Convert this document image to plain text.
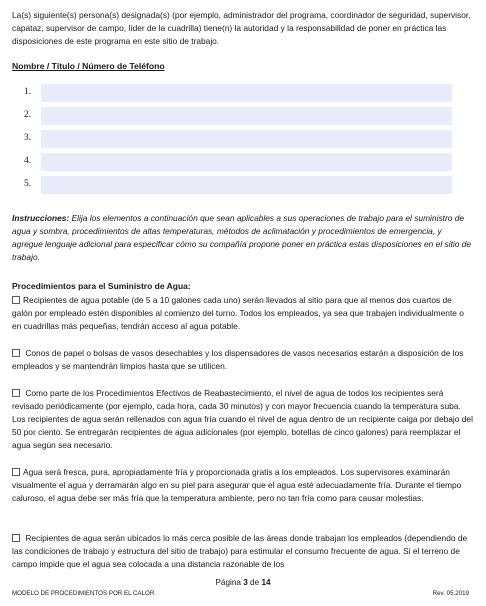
La(s) siguiente(s) persona(s) designada(s) (por ejemplo, administrador del programa, coordinador de seguridad, supervisor, capataz, supervisor de campo, líder de la cuadrilla) tiene(n) la autoridad y la responsabilidad de poner en práctica las disposiciones de este programa en este sitio de trabajo.

Nombre / Título / Número de Teléfono
1.
2.
3.
4.
5.

Instrucciones: Elija los elementos a continuación que sean aplicables a sus operaciones de trabajo para el suministro de agua y sombra, procedimientos de altas temperaturas, métodos de aclimatación y procedimientos de emergencia, y agregue lenguaje adicional para especificar cómo su compañía propone poner en práctica estas disposiciones en el sitio de trabajo.

Procedimientos para el Suministro de Agua:

Recipientes de agua potable (de 5 a 10 galones cada uno) serán llevados al sitio para que al menos dos cuartos de galón por empleado estén disponibles al comienzo del turno. Todos los empleados, ya sea que trabajen individualmente o en cuadrillas más pequeñas, tendrán acceso al agua potable.

Conos de papel o bolsas de vasos desechables y los dispensadores de vasos necesarios estarán a disposición de los empleados y se mantendrán limpios hasta que se utilicen.

Como parte de los Procedimientos Efectivos de Reabastecimiento, el nivel de agua de todos los recipientes será revisado periódicamente (por ejemplo, cada hora, cada 30 minutos) y con mayor frecuencia cuando la temperatura suba. Los recipientes de agua serán rellenados con agua fría cuando el nivel de agua dentro de un recipiente caiga por debajo del 50 por ciento. Se entregarán recipientes de agua adicionales (por ejemplo, botellas de cinco galones) para reemplazar el agua según sea necesario.

Agua será fresca, pura, apropiadamente fría y proporcionada gratis a los empleados. Los supervisores examinarán visualmente el agua y derramarán algo en su piel para asegurar que el agua esté adecuadamente fría. Durante el tiempo caluroso, el agua debe ser más fría que la temperatura ambiente, pero no tan fría como para causar molestias.

Recipientes de agua serán ubicados lo más cerca posible de las áreas donde trabajan los empleados (dependiendo de las condiciones de trabajo y estructura del sitio de trabajo) para estimular el consumo frecuente de agua. Si el terreno de campo impide que el agua sea colocada a una distancia razonable de los

Página 3 de 14
MODELO DE PROCEDIMIENTOS POR EL CALOR	Rev. 05.2019
